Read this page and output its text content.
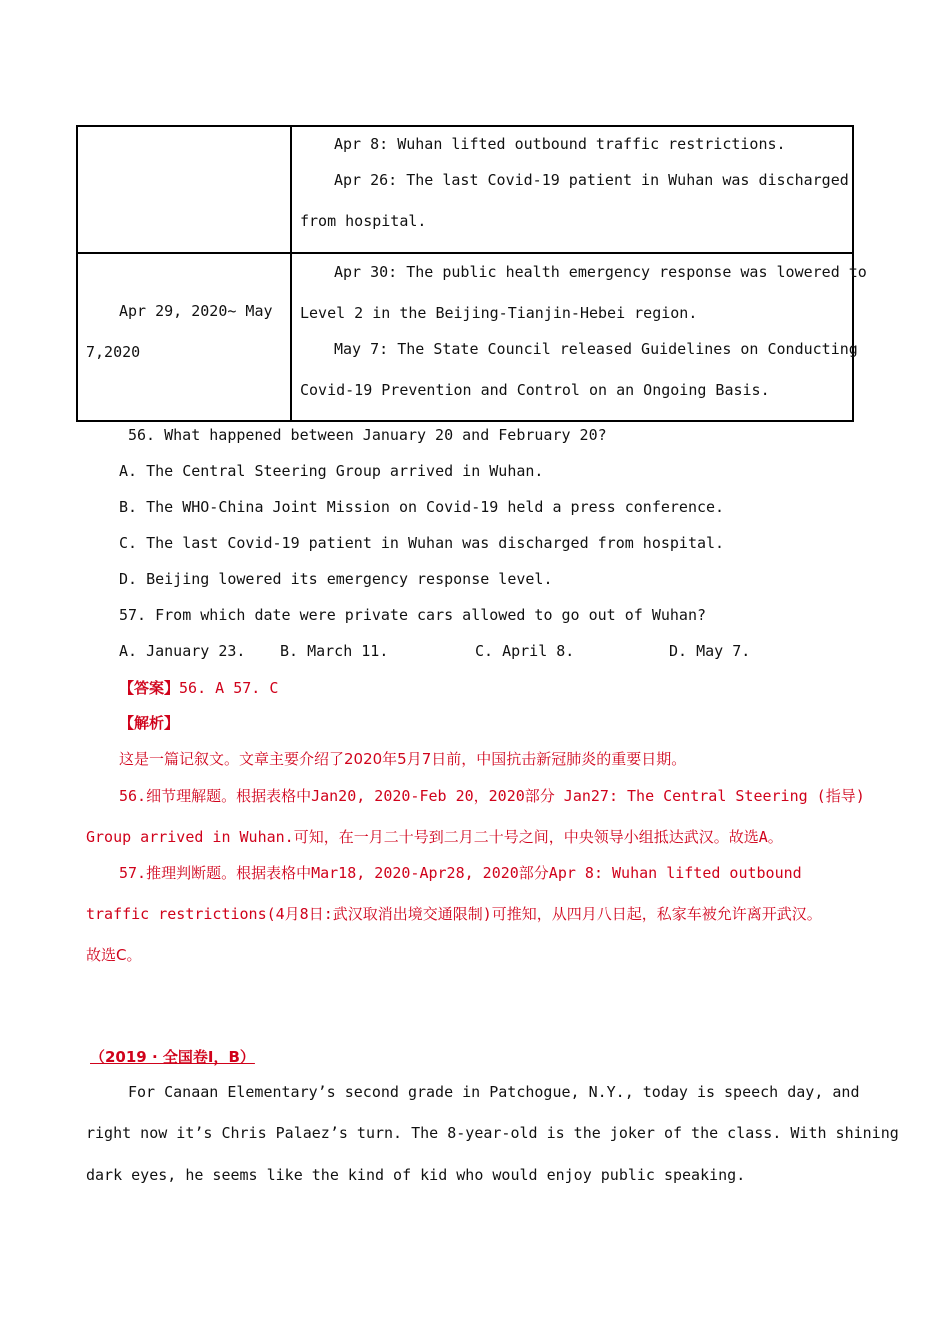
Apr 8: Wuhan lifted outbound traffic restrictions.
Apr 26: The last Covid-19 patient in Wuhan was discharged
from hospital.
Apr 29, 2020~ May
7,2020
Apr 30: The public health emergency response was lowered to
Level 2 in the Beijing-Tianjin-Hebei region.
May 7: The State Council released Guidelines on Conducting
Covid-19 Prevention and Control on an Ongoing Basis.
56. What happened between January 20 and February 20?
A. The Central Steering Group arrived in Wuhan.
B. The WHO-China Joint Mission on Covid-19 held a press conference.
C. The last Covid-19 patient in Wuhan was discharged from hospital.
D. Beijing lowered its emergency response level.
57. From which date were private cars allowed to go out of Wuhan?
A. January 23. B. March 11.	C. April 8.	D. May 7.
【答案】56. A 57. C
【解析】
这是一篇记叙文。文章主要介绍了2020年5月7日前，中国抗击新冠肺炎的重要日期。
56.细节理解题。根据表格中Jan20, 2020-Feb 20，2020部分 Jan27: The Central Steering (指导)
Group arrived in Wuhan.可知，在一月二十号到二月二十号之间，中央领导小组抵达武汉。故选A。
57.推理判断题。根据表格中Mar18, 2020-Apr28, 2020部分Apr 8: Wuhan lifted outbound
traffic restrictions(4月8日:武汉取消出境交通限制)可推知，从四月八日起，私家车被允许离开武汉。
故选C。
（2019 · 全国卷I，B）
For Canaan Elementary’s second grade in Patchogue, N.Y., today is speech day, and
right now it’s Chris Palaez’s turn. The 8-year-old is the joker of the class. With shining
dark eyes, he seems like the kind of kid who would enjoy public speaking.
